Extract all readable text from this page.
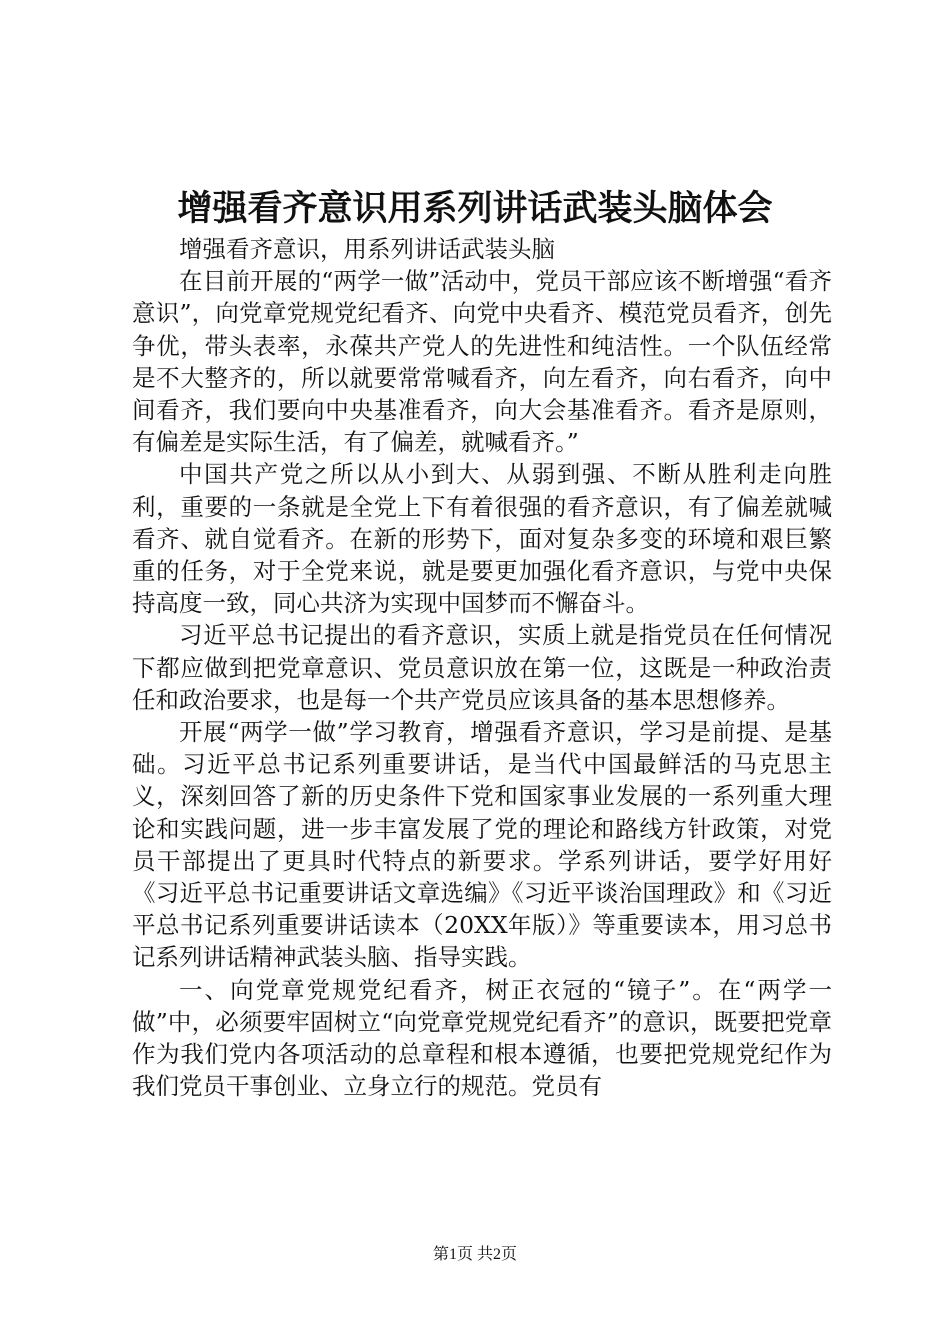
增强看齐意识用系列讲话武装头脑体会

增强看齐意识，用系列讲话武装头脑

在目前开展的“两学一做”活动中，党员干部应该不断增强“看齐意识”，向党章党规党纪看齐、向党中央看齐、模范党员看齐，创先争优，带头表率，永葆共产党人的先进性和纯洁性。一个队伍经常是不大整齐的，所以就要常常喊看齐，向左看齐，向右看齐，向中间看齐，我们要向中央基准看齐，向大会基准看齐。看齐是原则，有偏差是实际生活，有了偏差，就喊看齐。”

中国共产党之所以从小到大、从弱到强、不断从胜利走向胜利，重要的一条就是全党上下有着很强的看齐意识，有了偏差就喊看齐、就自觉看齐。在新的形势下，面对复杂多变的环境和艰巨繁重的任务，对于全党来说，就是要更加强化看齐意识，与党中央保持高度一致，同心共济为实现中国梦而不懈奋斗。

习近平总书记提出的看齐意识，实质上就是指党员在任何情况下都应做到把党章意识、党员意识放在第一位，这既是一种政治责任和政治要求，也是每一个共产党员应该具备的基本思想修养。

开展“两学一做”学习教育，增强看齐意识，学习是前提、是基础。习近平总书记系列重要讲话，是当代中国最鲜活的马克思主义，深刻回答了新的历史条件下党和国家事业发展的一系列重大理论和实践问题，进一步丰富发展了党的理论和路线方针政策，对党员干部提出了更具时代特点的新要求。学系列讲话，要学好用好《习近平总书记重要讲话文章选编》《习近平谈治国理政》和《习近平总书记系列重要讲话读本（20XX年版）》等重要读本，用习总书记系列讲话精神武装头脑、指导实践。

一、向党章党规党纪看齐，树正衣冠的“镜子”。在“两学一做”中，必须要牢固树立“向党章党规党纪看齐”的意识，既要把党章作为我们党内各项活动的总章程和根本遵循，也要把党规党纪作为我们党员干事创业、立身立行的规范。党员有

第1页 共2页
